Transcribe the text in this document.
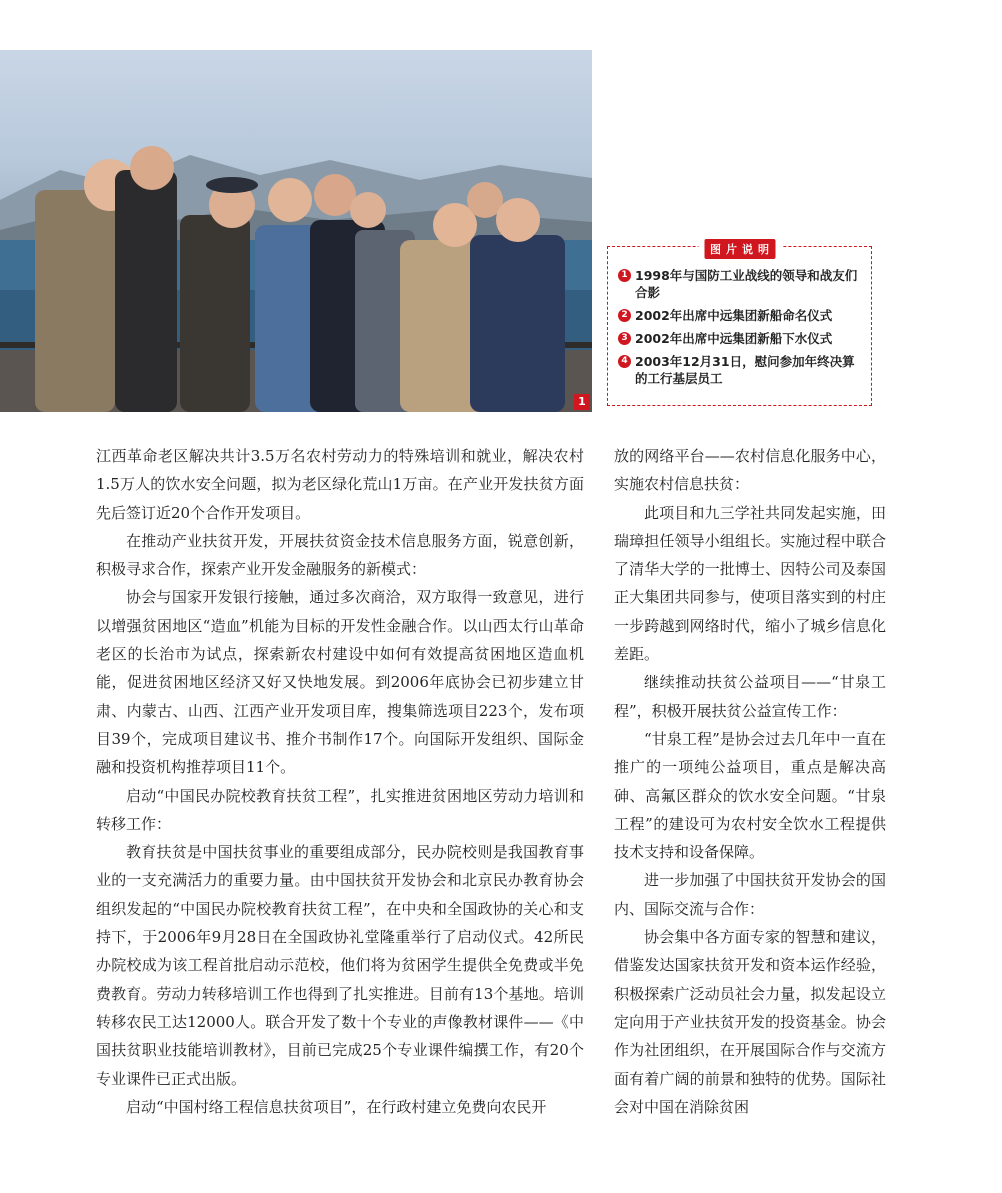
1
图片说明
1 1998年与国防工业战线的领导和战友们合影
2 2002年出席中远集团新船命名仪式
3 2002年出席中远集团新船下水仪式
4 2003年12月31日，慰问参加年终决算的工行基层员工

江西革命老区解决共计3.5万名农村劳动力的特殊培训和就业，解决农村1.5万人的饮水安全问题，拟为老区绿化荒山1万亩。在产业开发扶贫方面先后签订近20个合作开发项目。

在推动产业扶贫开发，开展扶贫资金技术信息服务方面，锐意创新，积极寻求合作，探索产业开发金融服务的新模式：

协会与国家开发银行接触，通过多次商洽，双方取得一致意见，进行以增强贫困地区“造血”机能为目标的开发性金融合作。以山西太行山革命老区的长治市为试点，探索新农村建设中如何有效提高贫困地区造血机能，促进贫困地区经济又好又快地发展。到2006年底协会已初步建立甘肃、内蒙古、山西、江西产业开发项目库，搜集筛选项目223个，发布项目39个，完成项目建议书、推介书制作17个。向国际开发组织、国际金融和投资机构推荐项目11个。

启动“中国民办院校教育扶贫工程”，扎实推进贫困地区劳动力培训和转移工作：

教育扶贫是中国扶贫事业的重要组成部分，民办院校则是我国教育事业的一支充满活力的重要力量。由中国扶贫开发协会和北京民办教育协会组织发起的“中国民办院校教育扶贫工程”，在中央和全国政协的关心和支持下，于2006年9月28日在全国政协礼堂隆重举行了启动仪式。42所民办院校成为该工程首批启动示范校，他们将为贫困学生提供全免费或半免费教育。劳动力转移培训工作也得到了扎实推进。目前有13个基地。培训转移农民工达12000人。联合开发了数十个专业的声像教材课件——《中国扶贫职业技能培训教材》，目前已完成25个专业课件编撰工作，有20个专业课件已正式出版。

启动“中国村络工程信息扶贫项目”，在行政村建立免费向农民开

放的网络平台——农村信息化服务中心，实施农村信息扶贫：

此项目和九三学社共同发起实施，田瑞璋担任领导小组组长。实施过程中联合了清华大学的一批博士、因特公司及泰国正大集团共同参与，使项目落实到的村庄一步跨越到网络时代，缩小了城乡信息化差距。

继续推动扶贫公益项目——“甘泉工程”，积极开展扶贫公益宣传工作：

“甘泉工程”是协会过去几年中一直在推广的一项纯公益项目，重点是解决高砷、高氟区群众的饮水安全问题。“甘泉工程”的建设可为农村安全饮水工程提供技术支持和设备保障。

进一步加强了中国扶贫开发协会的国内、国际交流与合作：

协会集中各方面专家的智慧和建议，借鉴发达国家扶贫开发和资本运作经验，积极探索广泛动员社会力量，拟发起设立定向用于产业扶贫开发的投资基金。协会作为社团组织，在开展国际合作与交流方面有着广阔的前景和独特的优势。国际社会对中国在消除贫困
